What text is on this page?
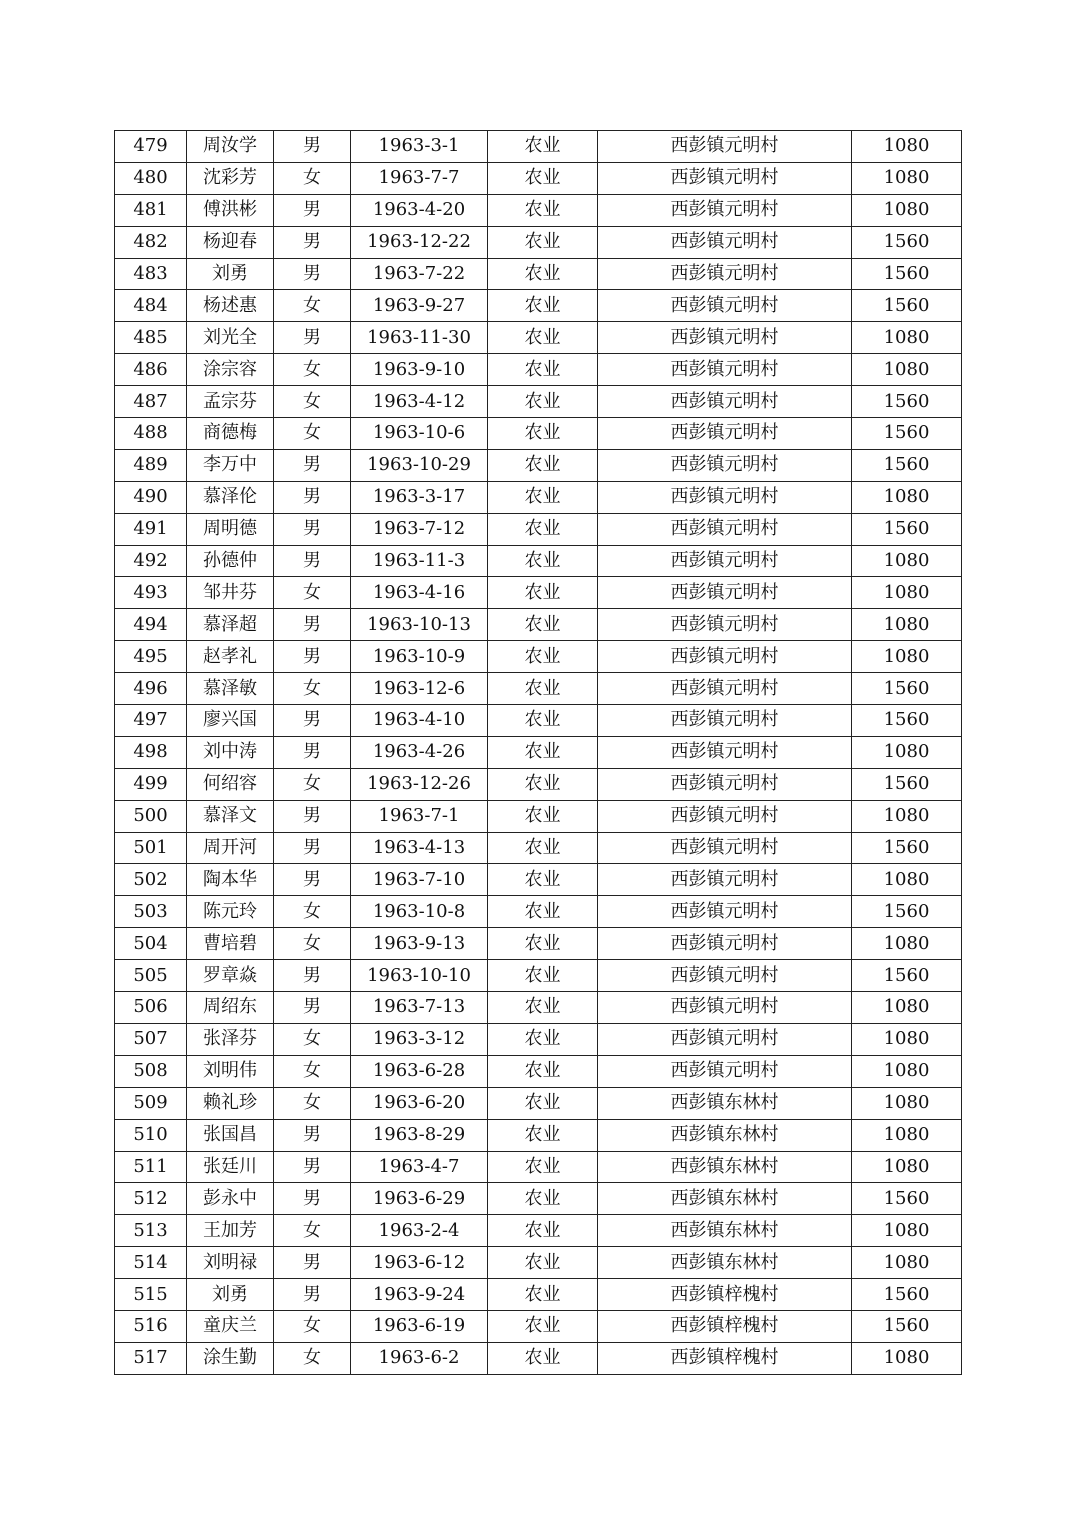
479	周汝学	男	1963-3-1	农业	西彭镇元明村	1080
480	沈彩芳	女	1963-7-7	农业	西彭镇元明村	1080
481	傅洪彬	男	1963-4-20	农业	西彭镇元明村	1080
482	杨迎春	男	1963-12-22	农业	西彭镇元明村	1560
483	刘勇	男	1963-7-22	农业	西彭镇元明村	1560
484	杨述惠	女	1963-9-27	农业	西彭镇元明村	1560
485	刘光全	男	1963-11-30	农业	西彭镇元明村	1080
486	涂宗容	女	1963-9-10	农业	西彭镇元明村	1080
487	孟宗芬	女	1963-4-12	农业	西彭镇元明村	1560
488	商德梅	女	1963-10-6	农业	西彭镇元明村	1560
489	李万中	男	1963-10-29	农业	西彭镇元明村	1560
490	慕泽伦	男	1963-3-17	农业	西彭镇元明村	1080
491	周明德	男	1963-7-12	农业	西彭镇元明村	1560
492	孙德仲	男	1963-11-3	农业	西彭镇元明村	1080
493	邹井芬	女	1963-4-16	农业	西彭镇元明村	1080
494	慕泽超	男	1963-10-13	农业	西彭镇元明村	1080
495	赵孝礼	男	1963-10-9	农业	西彭镇元明村	1080
496	慕泽敏	女	1963-12-6	农业	西彭镇元明村	1560
497	廖兴国	男	1963-4-10	农业	西彭镇元明村	1560
498	刘中涛	男	1963-4-26	农业	西彭镇元明村	1080
499	何绍容	女	1963-12-26	农业	西彭镇元明村	1560
500	慕泽文	男	1963-7-1	农业	西彭镇元明村	1080
501	周开河	男	1963-4-13	农业	西彭镇元明村	1560
502	陶本华	男	1963-7-10	农业	西彭镇元明村	1080
503	陈元玲	女	1963-10-8	农业	西彭镇元明村	1560
504	曹培碧	女	1963-9-13	农业	西彭镇元明村	1080
505	罗章焱	男	1963-10-10	农业	西彭镇元明村	1560
506	周绍东	男	1963-7-13	农业	西彭镇元明村	1080
507	张泽芬	女	1963-3-12	农业	西彭镇元明村	1080
508	刘明伟	女	1963-6-28	农业	西彭镇元明村	1080
509	赖礼珍	女	1963-6-20	农业	西彭镇东林村	1080
510	张国昌	男	1963-8-29	农业	西彭镇东林村	1080
511	张廷川	男	1963-4-7	农业	西彭镇东林村	1080
512	彭永中	男	1963-6-29	农业	西彭镇东林村	1560
513	王加芳	女	1963-2-4	农业	西彭镇东林村	1080
514	刘明禄	男	1963-6-12	农业	西彭镇东林村	1080
515	刘勇	男	1963-9-24	农业	西彭镇梓槐村	1560
516	童庆兰	女	1963-6-19	农业	西彭镇梓槐村	1560
517	涂生勤	女	1963-6-2	农业	西彭镇梓槐村	1080
